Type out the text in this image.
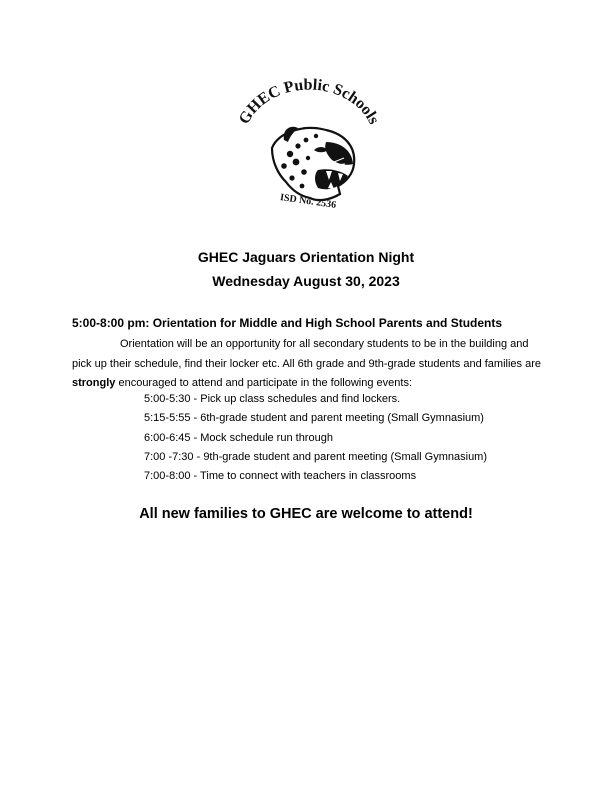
GHEC Public Schools
ISD No. 2536

GHEC Jaguars Orientation Night

Wednesday August 30, 2023

5:00-8:00 pm: Orientation for Middle and High School Parents and Students

Orientation will be an opportunity for all secondary students to be in the building and pick up their schedule, find their locker etc. All 6th grade and 9th-grade students and families are strongly encouraged to attend and participate in the following events:

5:00-5:30 - Pick up class schedules and find lockers.
5:15-5:55 - 6th-grade student and parent meeting (Small Gymnasium)
6:00-6:45 - Mock schedule run through
7:00 -7:30 - 9th-grade student and parent meeting (Small Gymnasium)
7:00-8:00 - Time to connect with teachers in classrooms

All new families to GHEC are welcome to attend!
